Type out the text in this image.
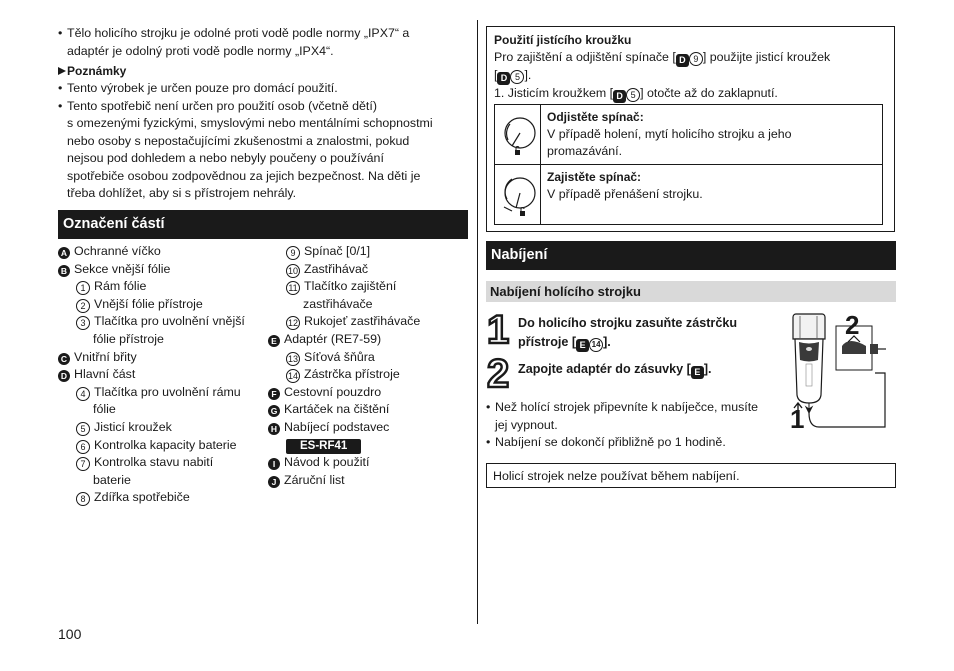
• Tělo holicího strojku je odolné proti vodě podle normy „IPX7“ a
adaptér je odolný proti vodě podle normy „IPX4“.
Poznámky
• Tento výrobek je určen pouze pro domácí použití.
• Tento spotřebič není určen pro použití osob (včetně dětí)
s omezenými fyzickými, smyslovými nebo mentálními schopnostmi
nebo osoby s nepostačujícími zkušenostmi a znalostmi, pokud
nejsou pod dohledem a nebo nebyly poučeny o používání
spotřebiče osobou zodpovědnou za jejich bezpečnost. Na děti je
třeba dohlížet, aby si s přístrojem nehrály.
Označení částí
A Ochranné víčko
B Sekce vnější fólie
1 Rám fólie
2 Vnější fólie přístroje
3 Tlačítka pro uvolnění vnější
fólie přístroje
C Vnitřní břity
D Hlavní část
4 Tlačítka pro uvolnění rámu
fólie
5 Jisticí kroužek
6 Kontrolka kapacity baterie
7 Kontrolka stavu nabití
baterie
8 Zdířka spotřebiče
9 Spínač [0/1]
10 Zastřihávač
11 Tlačítko zajištění
zastřihávače
12 Rukojeť zastřihávače
E Adaptér (RE7-59)
13 Síťová šňůra
14 Zástrčka přístroje
F Cestovní pouzdro
G Kartáček na čištění
H Nabíjecí podstavec
ES-RF41
I Návod k použití
J Záruční list
100
Použití jistícího kroužku
Pro zajištění a odjištění spínače [ D 9 ] použijte jisticí kroužek
[ D 5 ].
1. Jisticím kroužkem [ D 5 ] otočte až do zaklapnutí.
Odjistěte spínač:
V případě holení, mytí holicího strojku a jeho
promazávání.
Zajistěte spínač:
V případě přenášení strojku.
Nabíjení
Nabíjení holícího strojku
1 Do holicího strojku zasuňte zástrčku
přístroje [ E 14 ].
2 Zapojte adaptér do zásuvky [ E ].
2
1
• Než holící strojek připevníte k nabíječce, musíte
jej vypnout.
• Nabíjení se dokončí přibližně po 1 hodině.
Holicí strojek nelze používat během nabíjení.
